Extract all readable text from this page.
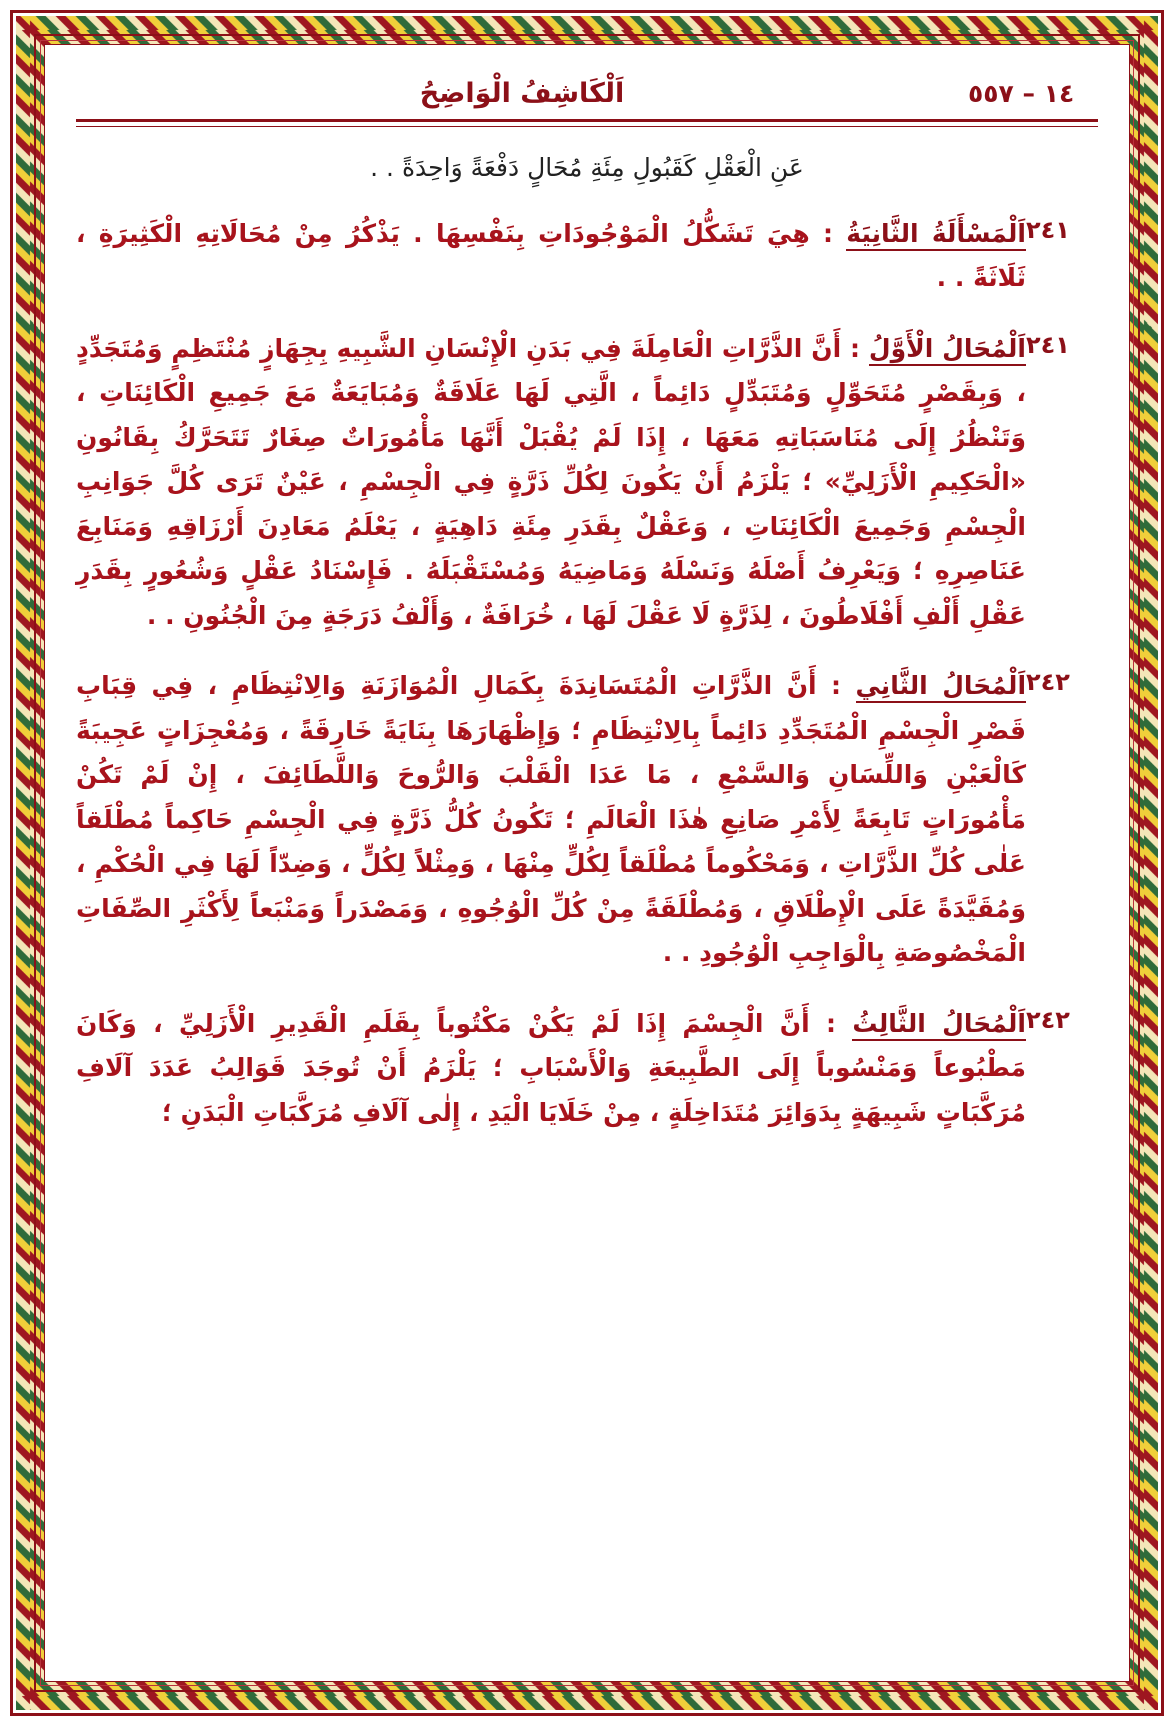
اَلْكَاشِفُ الْوَاضِحُ	١٤ – ٥٥٧
عَنِ الْعَقْلِ كَقَبُولِ مِئَةِ مُحَالٍ دَفْعَةً وَاحِدَةً . .
٢٤١
اَلْمَسْأَلَةُ الثَّانِيَةُ : هِيَ تَشَكُّلُ الْمَوْجُودَاتِ بِنَفْسِهَا . يَذْكُرُ مِنْ مُحَالَاتِهِ الْكَثِيرَةِ ، ثَلَاثَةً . .
٢٤١
اَلْمُحَالُ الْأَوَّلُ : أَنَّ الذَّرَّاتِ الْعَامِلَةَ فِي بَدَنِ الْإِنْسَانِ الشَّبِيهِ بِجِهَازٍ مُنْتَظِمٍ وَمُتَجَدِّدٍ ، وَبِقَصْرٍ مُتَحَوِّلٍ وَمُتَبَدِّلٍ دَائِماً ، الَّتِي لَهَا عَلَاقَةٌ وَمُبَايَعَةٌ مَعَ جَمِيعِ الْكَائِنَاتِ ، وَتَنْظُرُ إِلَى مُنَاسَبَاتِهِ مَعَهَا ، إِذَا لَمْ يُقْبَلْ أَنَّهَا مَأْمُورَاتٌ صِغَارٌ تَتَحَرَّكُ بِقَانُونِ «الْحَكِيمِ الْأَزَلِيِّ» ؛ يَلْزَمُ أَنْ يَكُونَ لِكُلِّ ذَرَّةٍ فِي الْجِسْمِ ، عَيْنٌ تَرَى كُلَّ جَوَانِبِ الْجِسْمِ وَجَمِيعَ الْكَائِنَاتِ ، وَعَقْلٌ بِقَدَرِ مِئَةِ دَاهِيَةٍ ، يَعْلَمُ مَعَادِنَ أَرْزَاقِهِ وَمَنَابِعَ عَنَاصِرِهِ ؛ وَيَعْرِفُ أَصْلَهُ وَنَسْلَهُ وَمَاضِيَهُ وَمُسْتَقْبَلَهُ . فَإِسْنَادُ عَقْلٍ وَشُعُورٍ بِقَدَرِ عَقْلِ أَلْفِ أَفْلَاطُونَ ، لِذَرَّةٍ لَا عَقْلَ لَهَا ، خُرَافَةٌ ، وَأَلْفُ دَرَجَةٍ مِنَ الْجُنُونِ . .
٢٤٢
اَلْمُحَالُ الثَّانِي : أَنَّ الذَّرَّاتِ الْمُتَسَانِدَةَ بِكَمَالِ الْمُوَازَنَةِ وَالِانْتِظَامِ ، فِي قِبَابِ قَصْرِ الْجِسْمِ الْمُتَجَدِّدِ دَائِماً بِالِانْتِظَامِ ؛ وَإِظْهَارَهَا بِنَايَةً خَارِقَةً ، وَمُعْجِزَاتٍ عَجِيبَةً كَالْعَيْنِ وَاللِّسَانِ وَالسَّمْعِ ، مَا عَدَا الْقَلْبَ وَالرُّوحَ وَاللَّطَائِفَ ، إِنْ لَمْ تَكُنْ مَأْمُورَاتٍ تَابِعَةً لِأَمْرِ صَانِعِ هٰذَا الْعَالَمِ ؛ تَكُونُ كُلُّ ذَرَّةٍ فِي الْجِسْمِ حَاكِماً مُطْلَقاً عَلٰى كُلِّ الذَّرَّاتِ ، وَمَحْكُوماً مُطْلَقاً لِكُلٍّ مِنْهَا ، وَمِثْلاً لِكُلٍّ ، وَضِدّاً لَهَا فِي الْحُكْمِ ، وَمُقَيَّدَةً عَلَى الْإِطْلَاقِ ، وَمُطْلَقَةً مِنْ كُلِّ الْوُجُوهِ ، وَمَصْدَراً وَمَنْبَعاً لِأَكْثَرِ الصِّفَاتِ الْمَخْصُوصَةِ بِالْوَاجِبِ الْوُجُودِ . .
٢٤٢
اَلْمُحَالُ الثَّالِثُ : أَنَّ الْجِسْمَ إِذَا لَمْ يَكُنْ مَكْتُوباً بِقَلَمِ الْقَدِيرِ الْأَزَلِيِّ ، وَكَانَ مَطْبُوعاً وَمَنْسُوباً إِلَى الطَّبِيعَةِ وَالْأَسْبَابِ ؛ يَلْزَمُ أَنْ تُوجَدَ قَوَالِبُ عَدَدَ آلَافِ مُرَكَّبَاتٍ شَبِيهَةٍ بِدَوَائِرَ مُتَدَاخِلَةٍ ، مِنْ خَلَايَا الْيَدِ ، إِلٰى آلَافِ مُرَكَّبَاتِ الْبَدَنِ ؛
